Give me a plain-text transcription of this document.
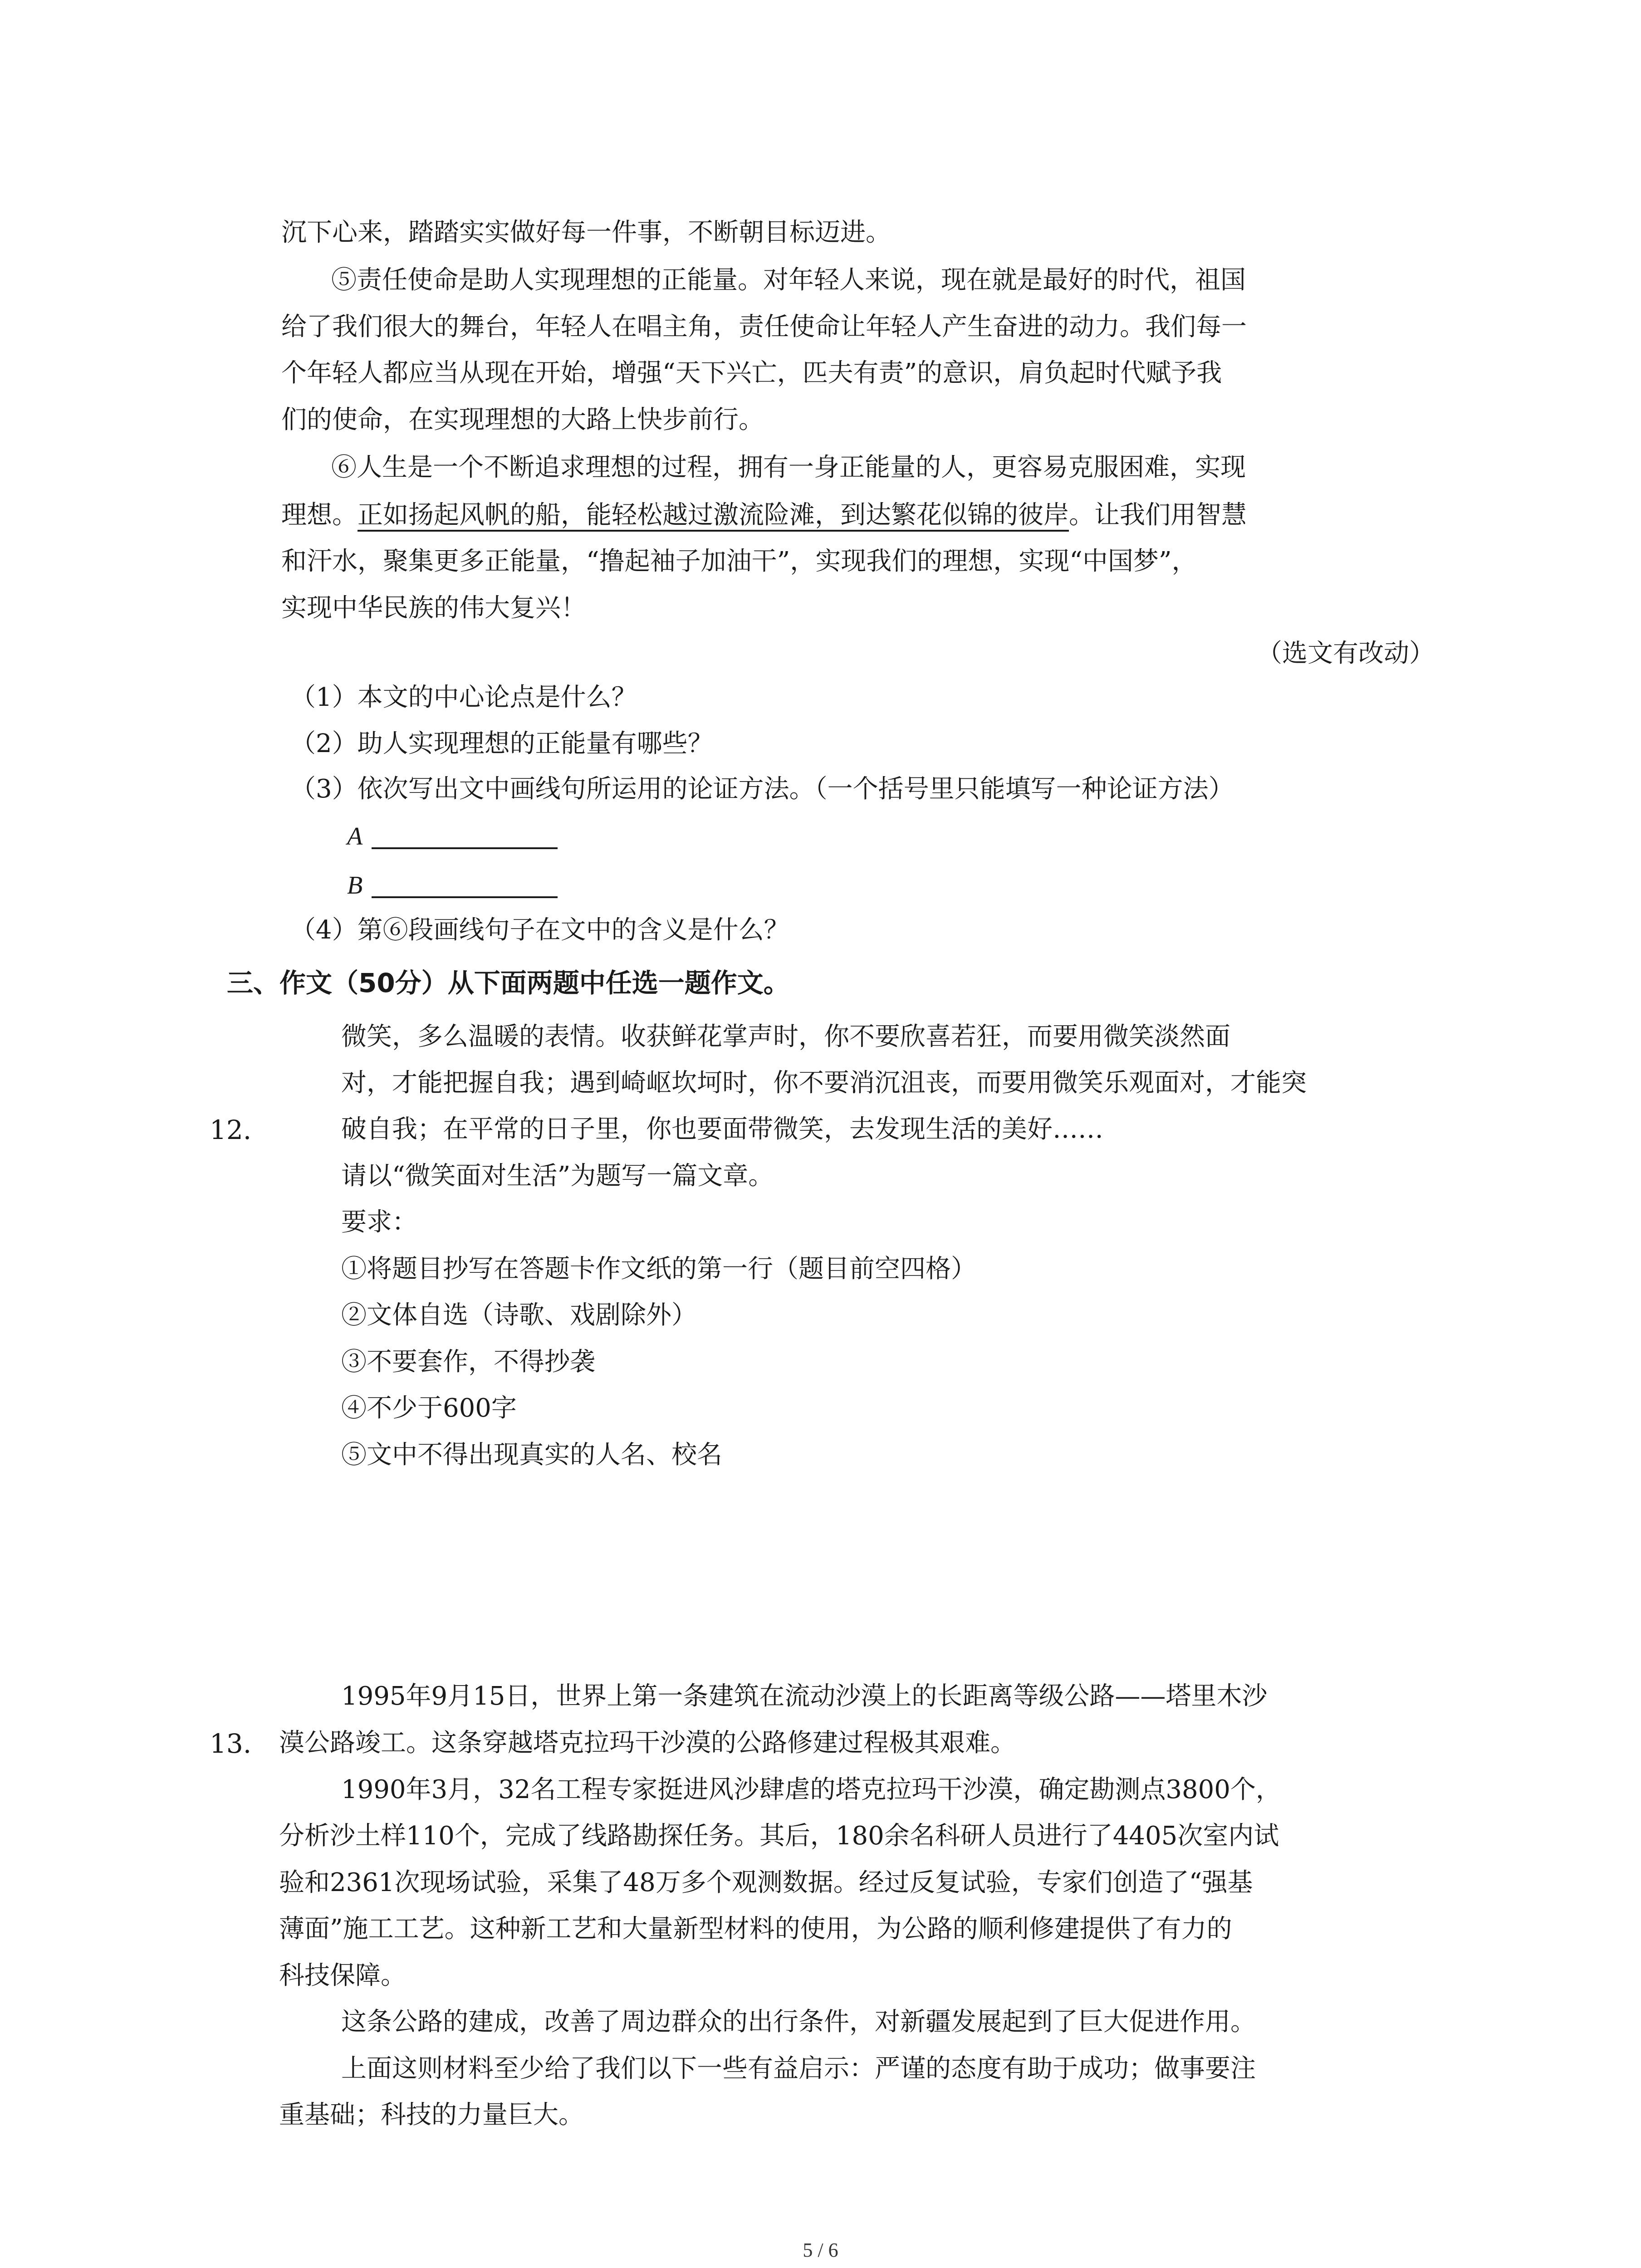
沉下心来，踏踏实实做好每一件事，不断朝目标迈进。
⑤责任使命是助人实现理想的正能量。对年轻人来说，现在就是最好的时代，祖国
给了我们很大的舞台，年轻人在唱主角，责任使命让年轻人产生奋进的动力。我们每一
个年轻人都应当从现在开始，增强“天下兴亡，匹夫有责”的意识，肩负起时代赋予我
们的使命，在实现理想的大路上快步前行。
⑥人生是一个不断追求理想的过程，拥有一身正能量的人，更容易克服困难，实现
理想。正如扬起风帆的船，能轻松越过激流险滩，到达繁花似锦的彼岸。让我们用智慧
和汗水，聚集更多正能量，“撸起袖子加油干”，实现我们的理想，实现“中国梦”，
实现中华民族的伟大复兴！
（选文有改动）
（1）本文的中心论点是什么？
（2）助人实现理想的正能量有哪些？
（3）依次写出文中画线句所运用的论证方法。（一个括号里只能填写一种论证方法）
A
B
（4）第⑥段画线句子在文中的含义是什么？
三、作文（50分）从下面两题中任选一题作文。
微笑，多么温暖的表情。收获鲜花掌声时，你不要欣喜若狂，而要用微笑淡然面
对，才能把握自我；遇到崎岖坎坷时，你不要消沉沮丧，而要用微笑乐观面对，才能突
12.	破自我；在平常的日子里，你也要面带微笑，去发现生活的美好……
请以“微笑面对生活”为题写一篇文章。
要求：
①将题目抄写在答题卡作文纸的第一行（题目前空四格）
②文体自选（诗歌、戏剧除外）
③不要套作，不得抄袭
④不少于600字
⑤文中不得出现真实的人名、校名
1995年9月15日，世界上第一条建筑在流动沙漠上的长距离等级公路——塔里木沙
13. 漠公路竣工。这条穿越塔克拉玛干沙漠的公路修建过程极其艰难。
1990年3月，32名工程专家挺进风沙肆虐的塔克拉玛干沙漠，确定勘测点3800个，
分析沙土样110个，完成了线路勘探任务。其后，180余名科研人员进行了4405次室内试
验和2361次现场试验，采集了48万多个观测数据。经过反复试验，专家们创造了“强基
薄面”施工工艺。这种新工艺和大量新型材料的使用，为公路的顺利修建提供了有力的
科技保障。
这条公路的建成，改善了周边群众的出行条件，对新疆发展起到了巨大促进作用。
上面这则材料至少给了我们以下一些有益启示：严谨的态度有助于成功；做事要注
重基础；科技的力量巨大。
5 / 6
